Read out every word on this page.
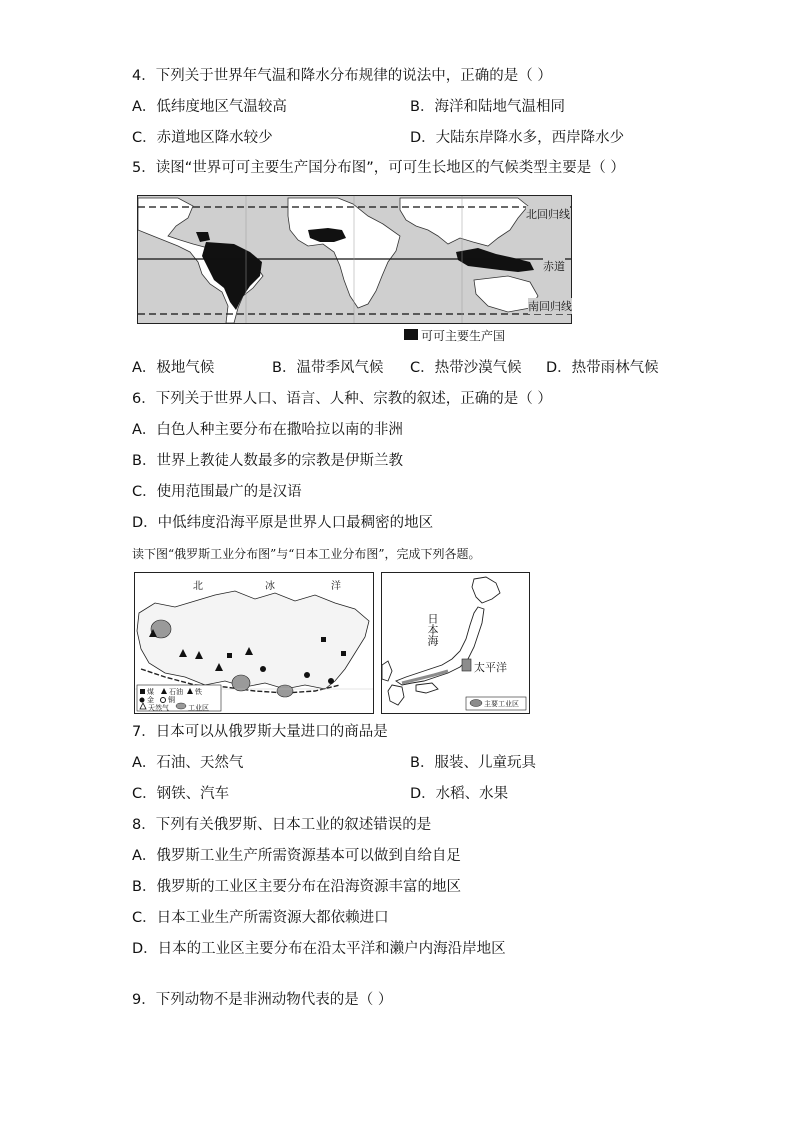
4．下列关于世界年气温和降水分布规律的说法中，正确的是（ ）
A．低纬度地区气温较高	B．海洋和陆地气温相同
C．赤道地区降水较少	D．大陆东岸降水多，西岸降水少
5．读图“世界可可主要生产国分布图”，可可生长地区的气候类型主要是（ ）
北回归线
赤道
南回归线
可可主要生产国
A．极地气候	B．温带季风气候 C．热带沙漠气候 D．热带雨林气候
6．下列关于世界人口、语言、人种、宗教的叙述，正确的是（ ）
A．白色人种主要分布在撒哈拉以南的非洲
B．世界上教徒人数最多的宗教是伊斯兰教
C．使用范围最广的是汉语
D．中低纬度沿海平原是世界人口最稠密的地区
读下图“俄罗斯工业分布图”与“日本工业分布图”，完成下列各题。
北	冰	洋
煤 石油 铁
金 铜
天然气	工业区
日本海
太平洋
主要工业区
7．日本可以从俄罗斯大量进口的商品是
A．石油、天然气	B．服装、儿童玩具
C．钢铁、汽车	D．水稻、水果
8．下列有关俄罗斯、日本工业的叙述错误的是
A．俄罗斯工业生产所需资源基本可以做到自给自足
B．俄罗斯的工业区主要分布在沿海资源丰富的地区
C．日本工业生产所需资源大都依赖进口
D．日本的工业区主要分布在沿太平洋和濑户内海沿岸地区
9．下列动物不是非洲动物代表的是（ ）
